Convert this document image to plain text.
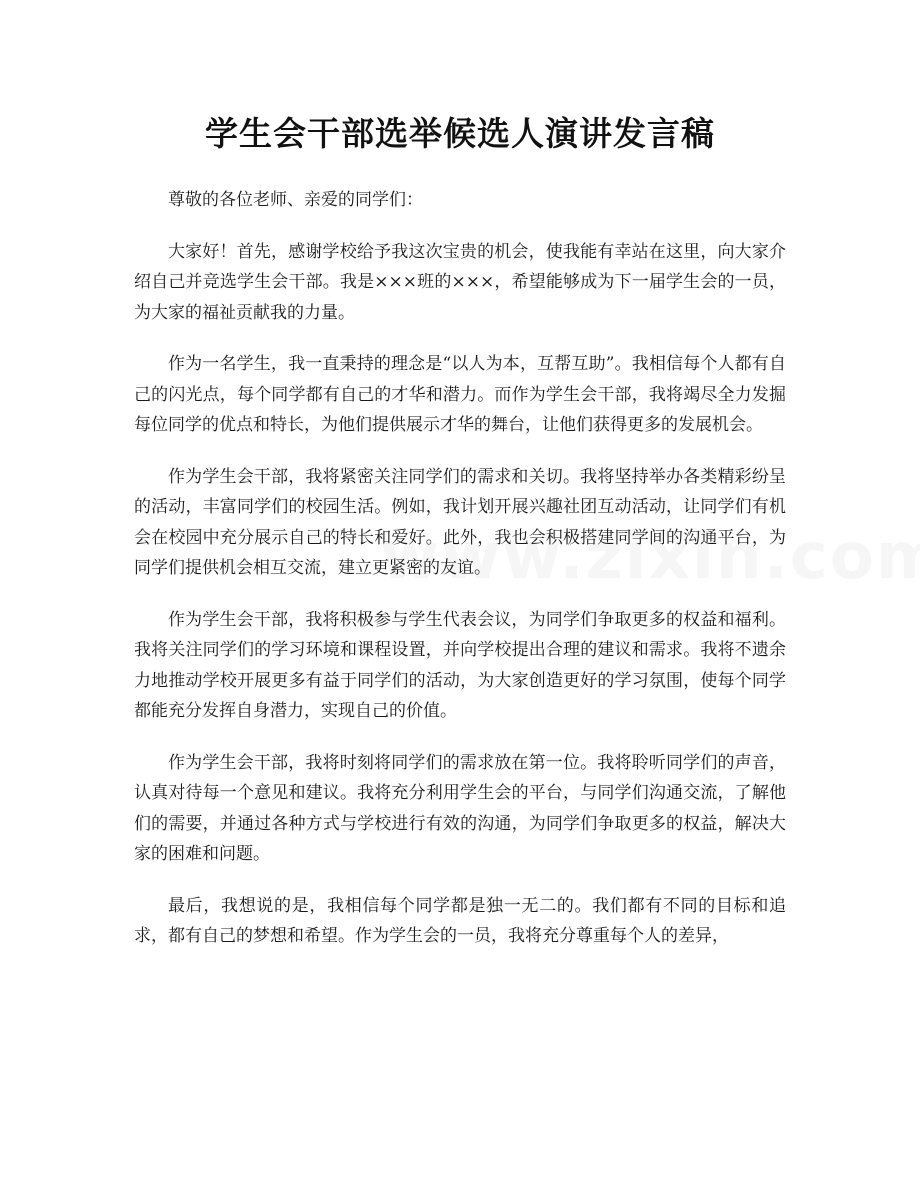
学生会干部选举候选人演讲发言稿

尊敬的各位老师、亲爱的同学们：

大家好！首先，感谢学校给予我这次宝贵的机会，使我能有幸站在这里，向大家介绍自己并竞选学生会干部。我是×××班的×××，希望能够成为下一届学生会的一员，为大家的福祉贡献我的力量。

作为一名学生，我一直秉持的理念是“以人为本，互帮互助”。我相信每个人都有自己的闪光点，每个同学都有自己的才华和潜力。而作为学生会干部，我将竭尽全力发掘每位同学的优点和特长，为他们提供展示才华的舞台，让他们获得更多的发展机会。

作为学生会干部，我将紧密关注同学们的需求和关切。我将坚持举办各类精彩纷呈的活动，丰富同学们的校园生活。例如，我计划开展兴趣社团互动活动，让同学们有机会在校园中充分展示自己的特长和爱好。此外，我也会积极搭建同学间的沟通平台，为同学们提供机会相互交流，建立更紧密的友谊。

作为学生会干部，我将积极参与学生代表会议，为同学们争取更多的权益和福利。我将关注同学们的学习环境和课程设置，并向学校提出合理的建议和需求。我将不遗余力地推动学校开展更多有益于同学们的活动，为大家创造更好的学习氛围，使每个同学都能充分发挥自身潜力，实现自己的价值。

作为学生会干部，我将时刻将同学们的需求放在第一位。我将聆听同学们的声音，认真对待每一个意见和建议。我将充分利用学生会的平台，与同学们沟通交流，了解他们的需要，并通过各种方式与学校进行有效的沟通，为同学们争取更多的权益，解决大家的困难和问题。

最后，我想说的是，我相信每个同学都是独一无二的。我们都有不同的目标和追求，都有自己的梦想和希望。作为学生会的一员，我将充分尊重每个人的差异，
